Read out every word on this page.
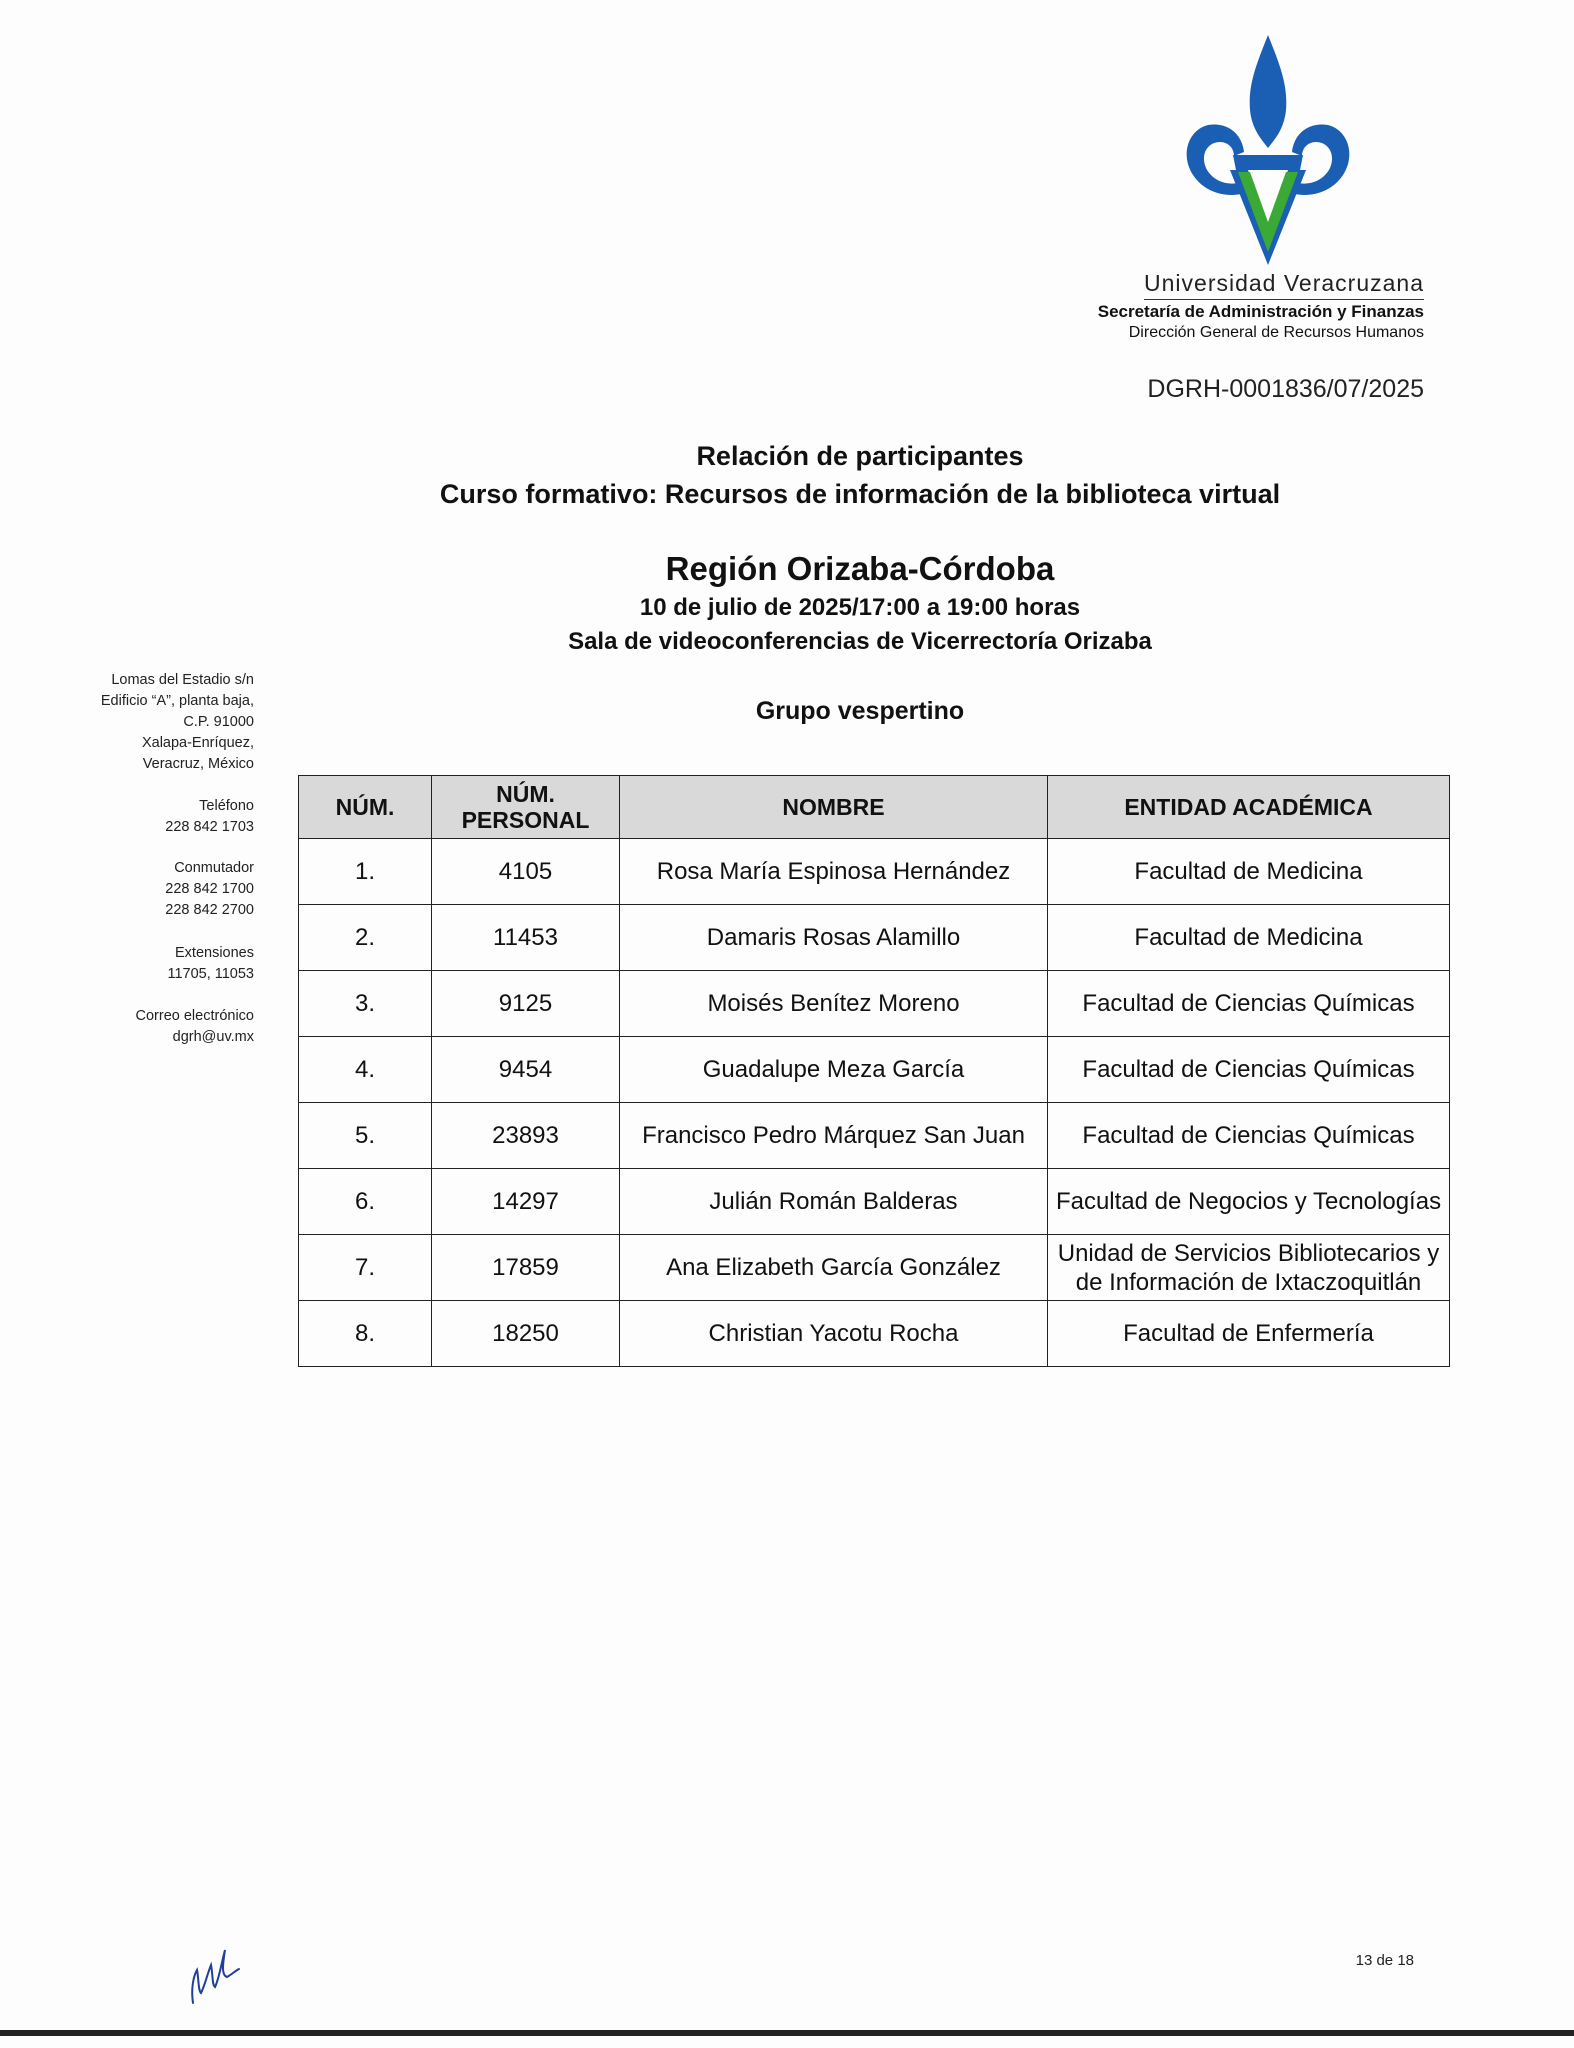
Universidad Veracruzana
Secretaría de Administración y Finanzas
Dirección General de Recursos Humanos
DGRH-0001836/07/2025
Relación de participantes
Curso formativo: Recursos de información de la biblioteca virtual
Región Orizaba-Córdoba
10 de julio de 2025/17:00 a 19:00 horas
Sala de videoconferencias de Vicerrectoría Orizaba
Grupo vespertino
Lomas del Estadio s/n
Edificio “A”, planta baja,
C.P. 91000
Xalapa-Enríquez,
Veracruz, México
Teléfono
228 842 1703
Conmutador
228 842 1700
228 842 2700
Extensiones
11705, 11053
Correo electrónico
dgrh@uv.mx
NÚM.	NÚM. PERSONAL	NOMBRE	ENTIDAD ACADÉMICA
1.	4105	Rosa María Espinosa Hernández	Facultad de Medicina
2.	11453	Damaris Rosas Alamillo	Facultad de Medicina
3.	9125	Moisés Benítez Moreno	Facultad de Ciencias Químicas
4.	9454	Guadalupe Meza García	Facultad de Ciencias Químicas
5.	23893	Francisco Pedro Márquez San Juan	Facultad de Ciencias Químicas
6.	14297	Julián Román Balderas	Facultad de Negocios y Tecnologías
7.	17859	Ana Elizabeth García González	Unidad de Servicios Bibliotecarios y de Información de Ixtaczoquitlán
8.	18250	Christian Yacotu Rocha	Facultad de Enfermería
13 de 18
